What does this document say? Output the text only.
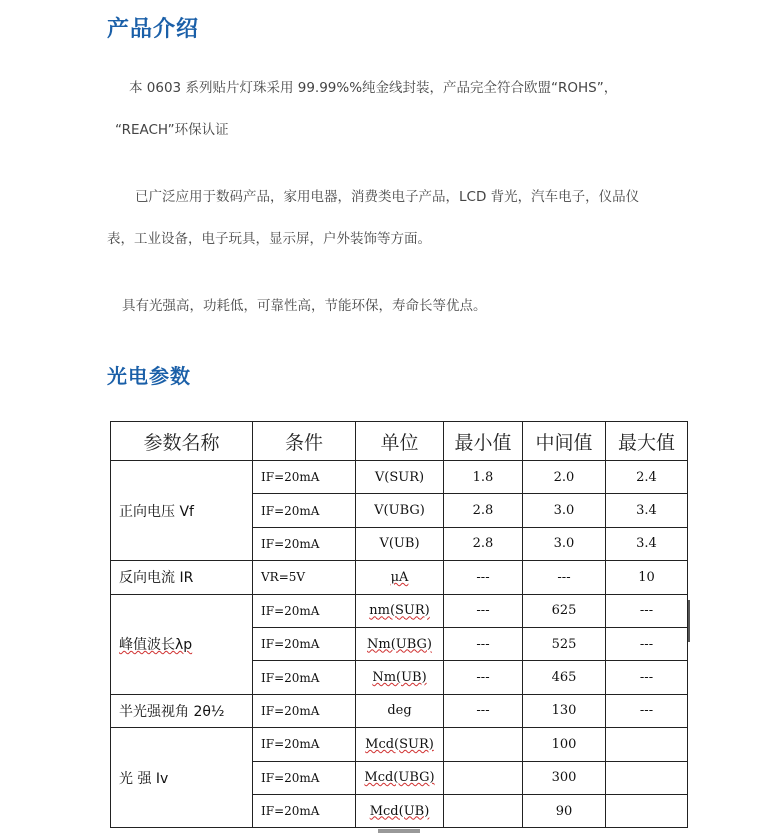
产品介绍

本 0603 系列贴片灯珠采用 99.99%%纯金线封装，产品完全符合欧盟“ROHS”，

“REACH”环保认证

已广泛应用于数码产品，家用电器，消费类电子产品，LCD 背光，汽车电子，仪品仪

表，工业设备，电子玩具，显示屏，户外装饰等方面。

具有光强高，功耗低，可靠性高，节能环保，寿命长等优点。

光电参数
参数名称	条件	单位	最小值	中间值	最大值
正向电压 Vf	IF=20mA	V(SUR)	1.8	2.0	2.4
	IF=20mA	V(UBG)	2.8	3.0	3.4
	IF=20mA	V(UB)	2.8	3.0	3.4
反向电流 IR	VR=5V	μA	---	---	10
峰值波长λp	IF=20mA	nm(SUR)	---	625	---
	IF=20mA	Nm(UBG)	---	525	---
	IF=20mA	Nm(UB)	---	465	---
半光强视角 2θ½	IF=20mA	deg	---	130	---
光 强 Iv	IF=20mA	Mcd(SUR)		100	
	IF=20mA	Mcd(UBG)		300	
	IF=20mA	Mcd(UB)		90	
